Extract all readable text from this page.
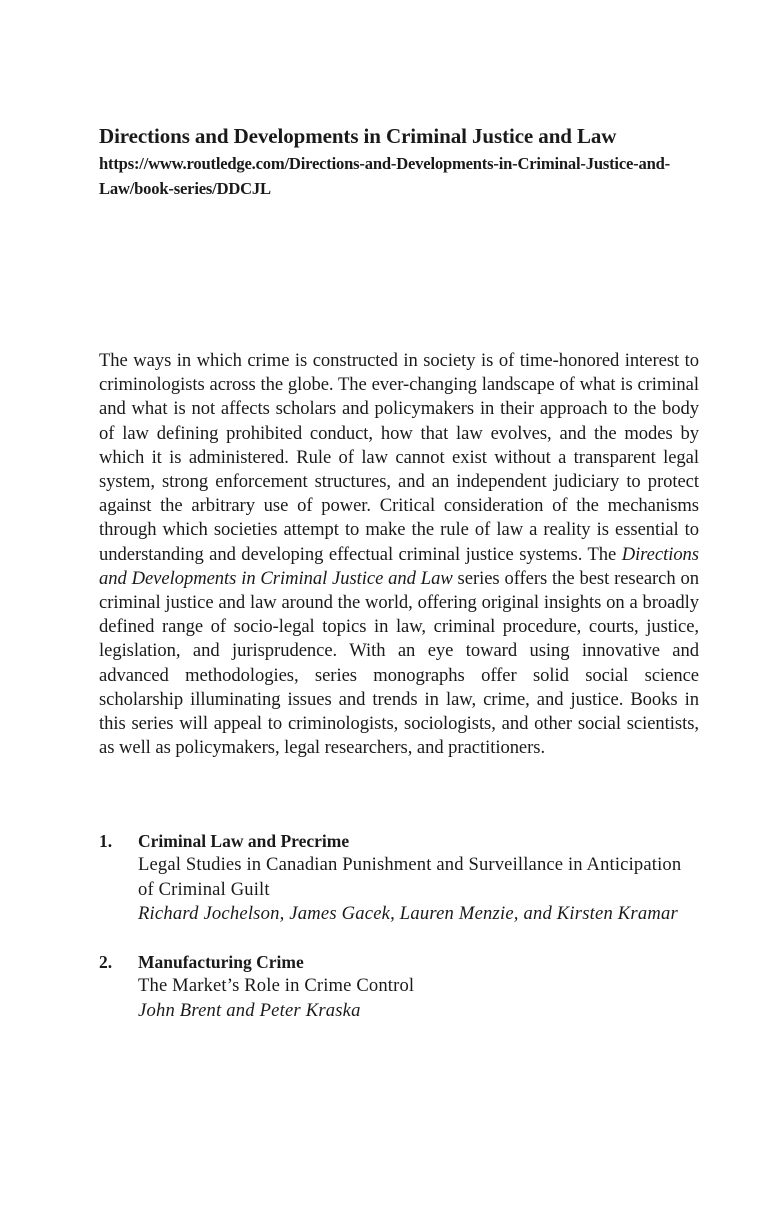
Directions and Developments in Criminal Justice and Law

https://www.routledge.com/Directions-and-Developments-in-Criminal-Justice-and-Law/book-series/DDCJL

The ways in which crime is constructed in society is of time-honored interest to criminologists across the globe. The ever-changing landscape of what is criminal and what is not affects scholars and policymakers in their approach to the body of law defining prohibited conduct, how that law evolves, and the modes by which it is administered. Rule of law cannot exist without a transparent legal system, strong enforcement structures, and an independent judiciary to protect against the arbitrary use of power. Critical consideration of the mechanisms through which societies attempt to make the rule of law a reality is essential to understanding and developing effectual criminal justice systems. The Directions and Developments in Criminal Justice and Law series offers the best research on criminal justice and law around the world, offering original insights on a broadly defined range of socio-legal topics in law, criminal procedure, courts, justice, legislation, and jurisprudence. With an eye toward using innovative and advanced methodologies, series monographs offer solid social science scholarship illuminating issues and trends in law, crime, and justice. Books in this series will appeal to criminologists, sociologists, and other social scientists, as well as policymakers, legal researchers, and practitioners.

1. Criminal Law and Precrime
Legal Studies in Canadian Punishment and Surveillance in Anticipation of Criminal Guilt
Richard Jochelson, James Gacek, Lauren Menzie, and Kirsten Kramar
2. Manufacturing Crime
The Market’s Role in Crime Control
John Brent and Peter Kraska
